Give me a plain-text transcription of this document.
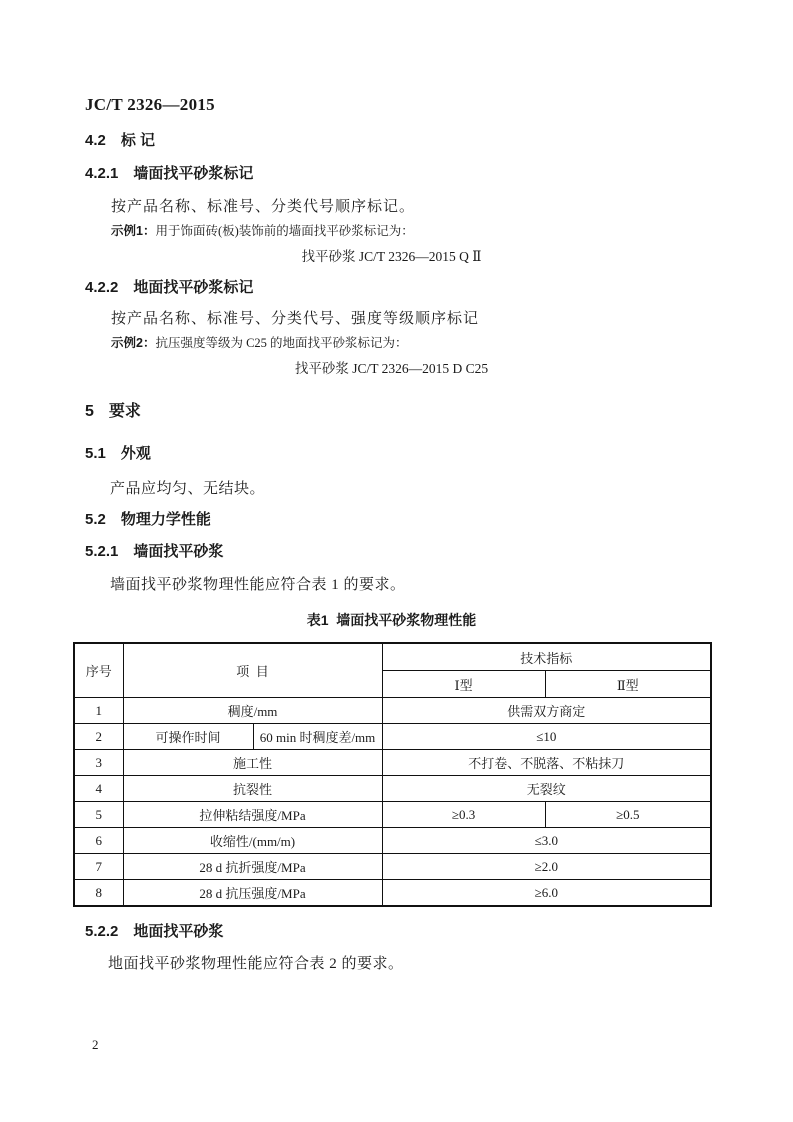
JC/T 2326—2015
4.2 标 记
4.2.1 墙面找平砂浆标记
按产品名称、标准号、分类代号顺序标记。
示例1：用于饰面砖(板)装饰前的墙面找平砂浆标记为：
找平砂浆 JC/T 2326—2015 Q Ⅱ
4.2.2 地面找平砂浆标记
按产品名称、标准号、分类代号、强度等级顺序标记
示例2：抗压强度等级为 C25 的地面找平砂浆标记为：
找平砂浆 JC/T 2326—2015 D C25
5 要求
5.1 外观
产品应均匀、无结块。
5.2 物理力学性能
5.2.1 墙面找平砂浆
墙面找平砂浆物理性能应符合表 1 的要求。
表1  墙面找平砂浆物理性能
序号	项  目		技术指标	
			Ⅰ型	Ⅱ型
1	稠度/mm		供需双方商定	
2	可操作时间	60 min 时稠度差/mm	≤10	
3	施工性		不打卷、不脱落、不粘抹刀	
4	抗裂性		无裂纹	
5	拉伸粘结强度/MPa		≥0.3	≥0.5
6	收缩性/(mm/m)		≤3.0	
7	28 d 抗折强度/MPa		≥2.0	
8	28 d 抗压强度/MPa		≥6.0	
5.2.2 地面找平砂浆
地面找平砂浆物理性能应符合表 2 的要求。
2
